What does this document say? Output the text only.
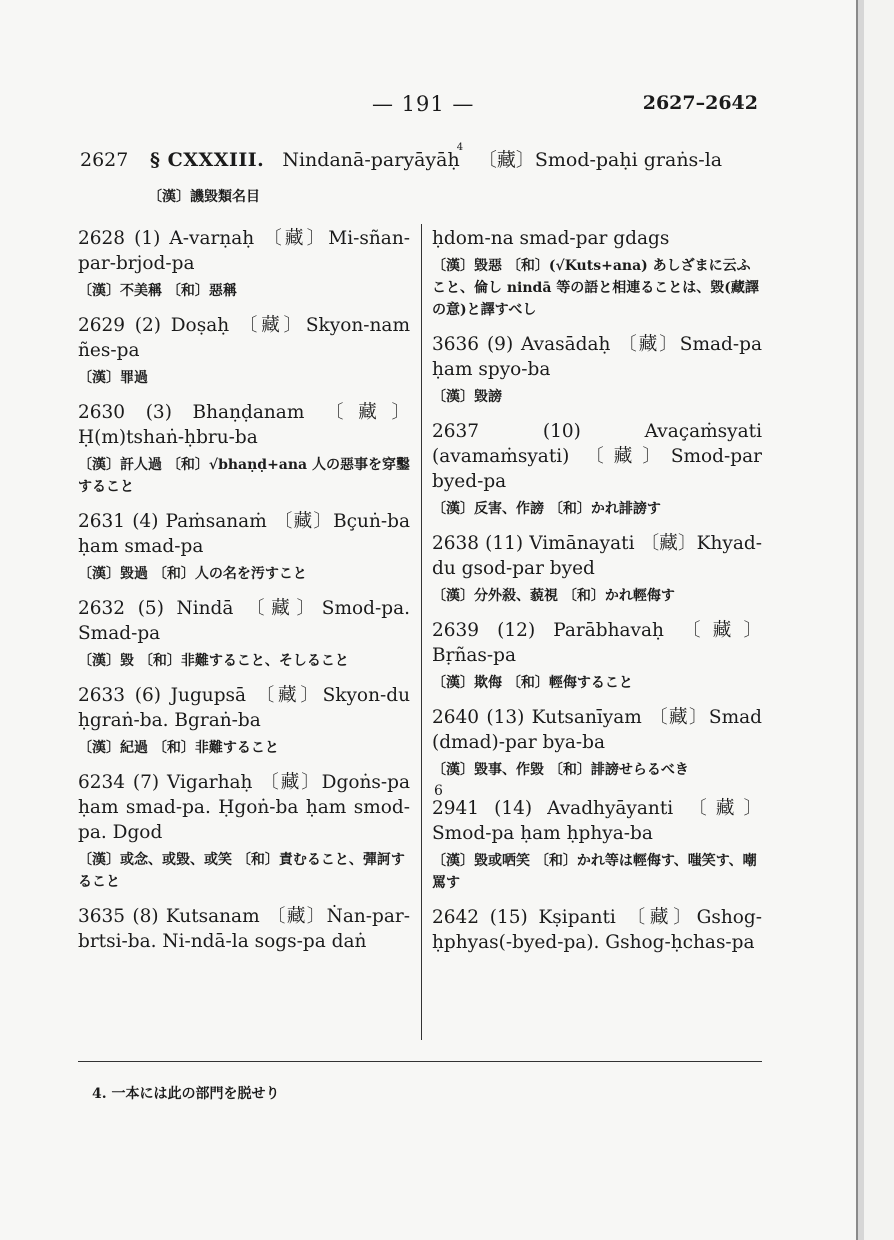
— 191 —	2627–2642
2627 § CXXXIII. Nindanā-paryāyāḥ4   〔藏〕Smod-paḥi graṅs-la
〔漢〕譏毀類名目
2628 (1) A-varṇaḥ 〔藏〕Mi-sñan-par-brjod-pa
〔漢〕不美稱 〔和〕惡稱
2629 (2) Doṣaḥ 〔藏〕Skyon-nam ñes-pa
〔漢〕罪過
2630 (3) Bhaṇḍanam 〔藏〕Ḥ(m)tshaṅ-ḥbru-ba
〔漢〕訐人過 〔和〕√bhaṇḍ+ana 人の惡事を穿鑿すること
2631 (4) Paṁsanaṁ 〔藏〕Bçuṅ-ba ḥam smad-pa
〔漢〕毀過 〔和〕人の名を汚すこと
2632 (5) Nindā 〔藏〕Smod-pa. Smad-pa
〔漢〕毀 〔和〕非難すること、そしること
2633 (6) Jugupsā 〔藏〕Skyon-du ḥgraṅ-ba. Bgraṅ-ba
〔漢〕紀過 〔和〕非難すること
6234 (7) Vigarhaḥ 〔藏〕Dgoṅs-pa ḥam smad-pa. Ḥgoṅ-ba ḥam smod-pa. Dgod
〔漢〕或念、或毀、或笑 〔和〕責むること、彈訶すること
3635 (8) Kutsanam 〔藏〕Ṅan-par-brtsi-ba. Ni-ndā-la sogs-pa daṅ
ḥdom-na smad-par gdags
〔漢〕毀惡 〔和〕(√Kuts+ana) あしざまに云ふこと、倫し nindā 等の語と相連ることは、毀(藏譯の意)と譯すべし
3636 (9) Avasādaḥ 〔藏〕Smad-pa ḥam spyo-ba
〔漢〕毀謗
2637 (10) Avaçaṁsyati (avamaṁsyati) 〔藏〕Smod-par byed-pa
〔漢〕反害、作謗 〔和〕かれ誹謗す
2638 (11) Vimānayati 〔藏〕Khyad-du gsod-par byed
〔漢〕分外殺、藐視 〔和〕かれ輕侮す
2639 (12) Parābhavaḥ 〔藏〕Bṛñas-pa
〔漢〕欺侮 〔和〕輕侮すること
2640 (13) Kutsanīyam 〔藏〕Smad (dmad)-par bya-ba
〔漢〕毀事、作毀 〔和〕誹謗せらるべき
6
2941 (14) Avadhyāyanti 〔藏〕Smod-pa ḥam ḥphya-ba
〔漢〕毀或哂笑 〔和〕かれ等は輕侮す、嗤笑す、嘲罵す
2642 (15) Kṣipanti 〔藏〕Gshog-ḥphyas(-byed-pa). Gshog-ḥchas-pa
4. 一本には此の部門を脱せり
